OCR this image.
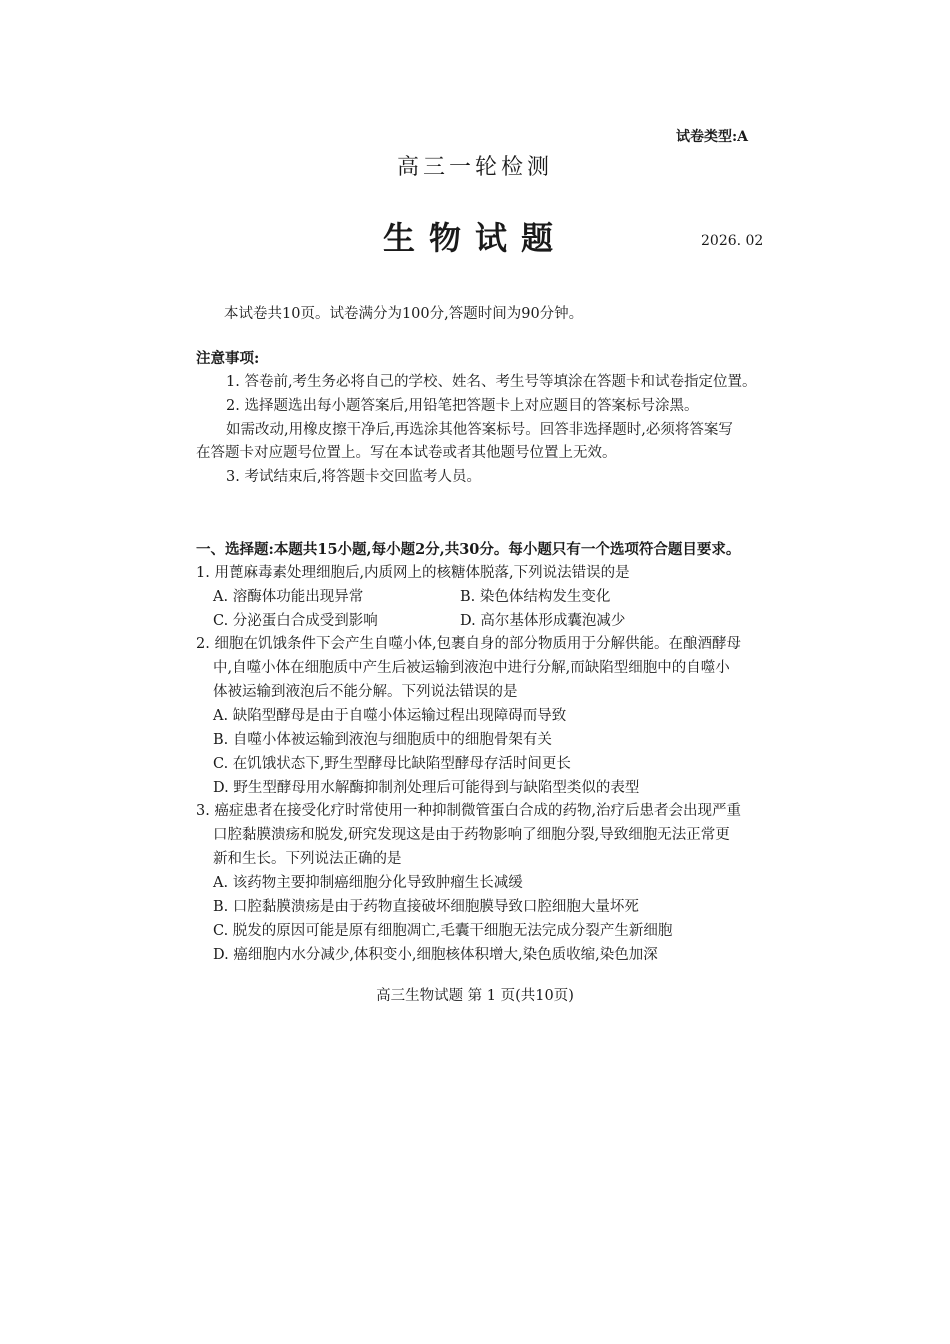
试卷类型:A
高三一轮检测
生物试题	2026. 02
本试卷共10页。试卷满分为100分,答题时间为90分钟。
注意事项:
1. 答卷前,考生务必将自己的学校、姓名、考生号等填涂在答题卡和试卷指定位置。
2. 选择题选出每小题答案后,用铅笔把答题卡上对应题目的答案标号涂黑。
如需改动,用橡皮擦干净后,再选涂其他答案标号。回答非选择题时,必须将答案写
在答题卡对应题号位置上。写在本试卷或者其他题号位置上无效。
3. 考试结束后,将答题卡交回监考人员。
一、选择题:本题共15小题,每小题2分,共30分。每小题只有一个选项符合题目要求。
1. 用蓖麻毒素处理细胞后,内质网上的核糖体脱落,下列说法错误的是
A. 溶酶体功能出现异常	B. 染色体结构发生变化
C. 分泌蛋白合成受到影响	D. 高尔基体形成囊泡减少
2. 细胞在饥饿条件下会产生自噬小体,包裹自身的部分物质用于分解供能。在酿酒酵母
中,自噬小体在细胞质中产生后被运输到液泡中进行分解,而缺陷型细胞中的自噬小
体被运输到液泡后不能分解。下列说法错误的是
A. 缺陷型酵母是由于自噬小体运输过程出现障碍而导致
B. 自噬小体被运输到液泡与细胞质中的细胞骨架有关
C. 在饥饿状态下,野生型酵母比缺陷型酵母存活时间更长
D. 野生型酵母用水解酶抑制剂处理后可能得到与缺陷型类似的表型
3. 癌症患者在接受化疗时常使用一种抑制微管蛋白合成的药物,治疗后患者会出现严重
口腔黏膜溃疡和脱发,研究发现这是由于药物影响了细胞分裂,导致细胞无法正常更
新和生长。下列说法正确的是
A. 该药物主要抑制癌细胞分化导致肿瘤生长减缓
B. 口腔黏膜溃疡是由于药物直接破坏细胞膜导致口腔细胞大量坏死
C. 脱发的原因可能是原有细胞凋亡,毛囊干细胞无法完成分裂产生新细胞
D. 癌细胞内水分减少,体积变小,细胞核体积增大,染色质收缩,染色加深
高三生物试题 第 1 页(共10页)
